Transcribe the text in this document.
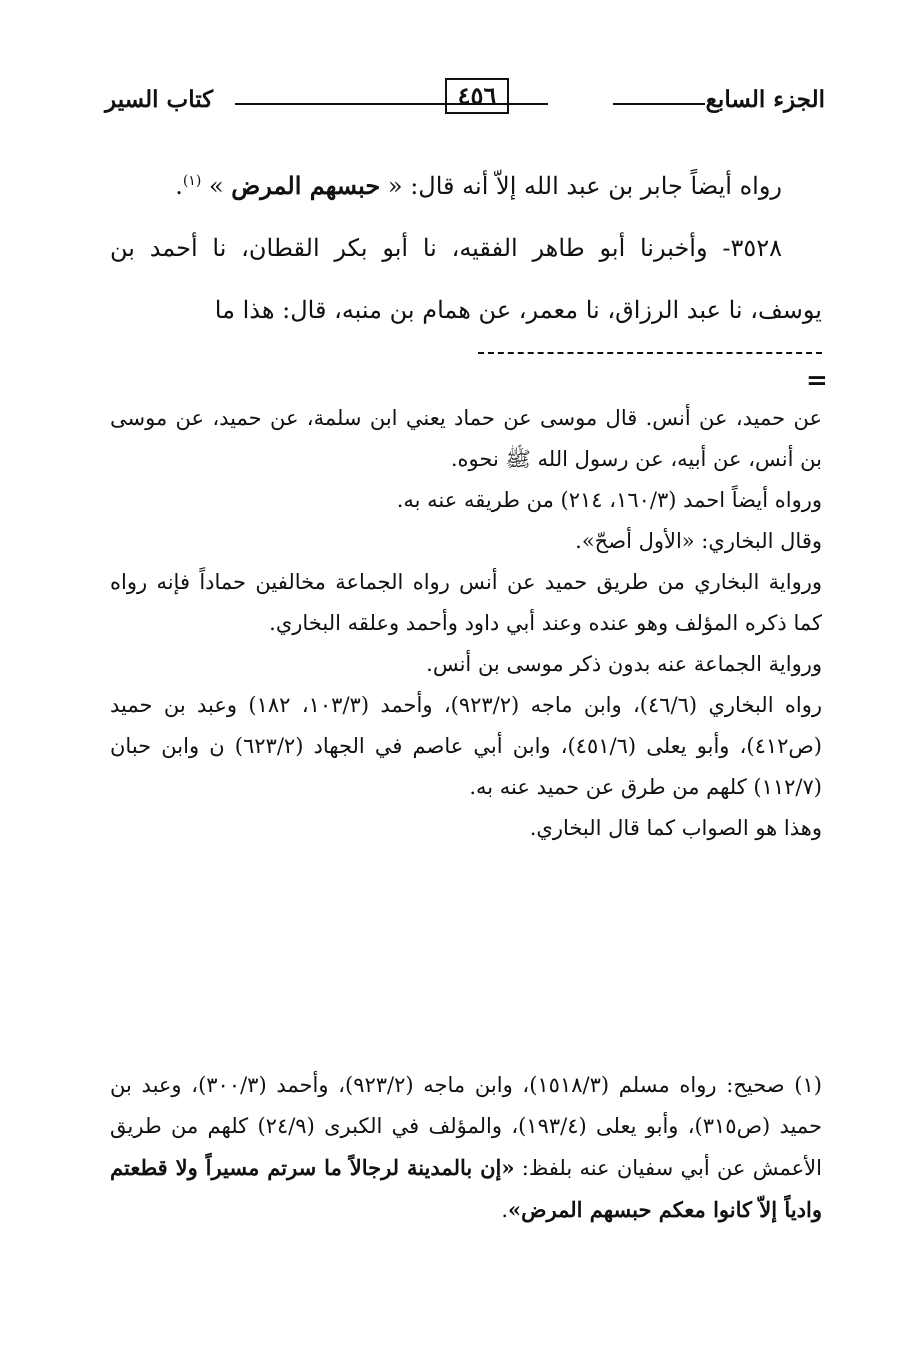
كتاب السير	٤٥٦	الجزء السابع

رواه أيضاً جابر بن عبد الله إلاّ أنه قال: « حبسهم المرض » $^{(١)}$.

٣٥٢٨- وأخبرنا أبو طاهر الفقيه، نا أبو بكر القطان، نا أحمد بن يوسف، نا عبد الرزاق، نا معمر، عن همام بن منبه، قال: هذا ما

=

عن حميد، عن أنس. قال موسى عن حماد يعني ابن سلمة، عن حميد، عن موسى بن أنس، عن أبيه، عن رسول الله ﷺ نحوه.

ورواه أيضاً احمد (١٦٠/٣، ٢١٤) من طريقه عنه به.

وقال البخاري: «الأول أصحّ».

ورواية البخاري من طريق حميد عن أنس رواه الجماعة مخالفين حماداً فإنه رواه كما ذكره المؤلف وهو عنده وعند أبي داود وأحمد وعلقه البخاري.

ورواية الجماعة عنه بدون ذكر موسى بن أنس.

رواه البخاري (٤٦/٦)، وابن ماجه (٩٢٣/٢)، وأحمد (١٠٣/٣، ١٨٢) وعبد بن حميد (ص٤١٢)، وأبو يعلى (٤٥١/٦)، وابن أبي عاصم في الجهاد (٦٢٣/٢) ن وابن حبان (١١٢/٧) كلهم من طرق عن حميد عنه به.

وهذا هو الصواب كما قال البخاري.

(١) صحيح: رواه مسلم (١٥١٨/٣)، وابن ماجه (٩٢٣/٢)، وأحمد (٣٠٠/٣)، وعبد بن حميد (ص٣١٥)، وأبو يعلى (١٩٣/٤)، والمؤلف في الكبرى (٢٤/٩) كلهم من طريق الأعمش عن أبي سفيان عنه بلفظ: «إن بالمدينة لرجالاً ما سرتم مسيراً ولا قطعتم وادياً إلاّ كانوا معكم حبسهم المرض».
